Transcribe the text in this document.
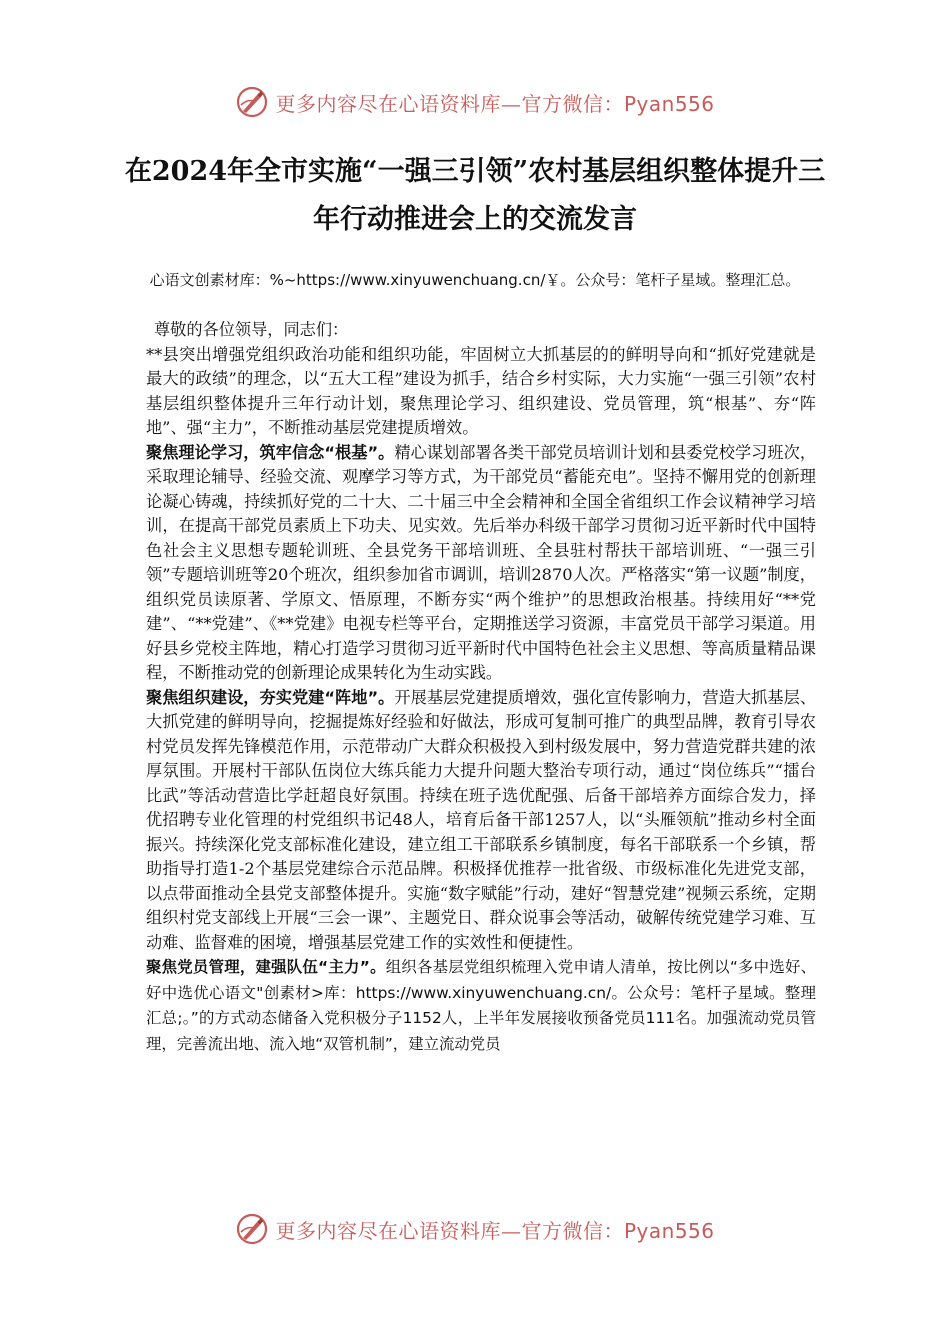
更多内容尽在心语资料库—官方微信：Pyan556
在2024年全市实施“一强三引领”农村基层组织整体提升三年行动推进会上的交流发言
心语文创素材库：%~https://www.xinyuwenchuang.cn/￥。公众号：笔杆子星域。整理汇总。

尊敬的各位领导，同志们：

**县突出增强党组织政治功能和组织功能，牢固树立大抓基层的的鲜明导向和“抓好党建就是最大的政绩”的理念，以“五大工程”建设为抓手，结合乡村实际，大力实施“一强三引领”农村基层组织整体提升三年行动计划，聚焦理论学习、组织建设、党员管理，筑“根基”、夯“阵地”、强“主力”，不断推动基层党建提质增效。

聚焦理论学习，筑牢信念“根基”。精心谋划部署各类干部党员培训计划和县委党校学习班次，采取理论辅导、经验交流、观摩学习等方式，为干部党员“蓄能充电”。坚持不懈用党的创新理论凝心铸魂，持续抓好党的二十大、二十届三中全会精神和全国全省组织工作会议精神学习培训，在提高干部党员素质上下功夫、见实效。先后举办科级干部学习贯彻习近平新时代中国特色社会主义思想专题轮训班、全县党务干部培训班、全县驻村帮扶干部培训班、“一强三引领”专题培训班等20个班次，组织参加省市调训，培训2870人次。严格落实“第一议题”制度，组织党员读原著、学原文、悟原理，不断夯实“两个维护”的思想政治根基。持续用好“**党建”、“**党建”、《**党建》电视专栏等平台，定期推送学习资源，丰富党员干部学习渠道。用好县乡党校主阵地，精心打造学习贯彻习近平新时代中国特色社会主义思想、等高质量精品课程，不断推动党的创新理论成果转化为生动实践。

聚焦组织建设，夯实党建“阵地”。开展基层党建提质增效，强化宣传影响力，营造大抓基层、大抓党建的鲜明导向，挖掘提炼好经验和好做法，形成可复制可推广的典型品牌，教育引导农村党员发挥先锋模范作用，示范带动广大群众积极投入到村级发展中，努力营造党群共建的浓厚氛围。开展村干部队伍岗位大练兵能力大提升问题大整治专项行动，通过“岗位练兵”“擂台比武”等活动营造比学赶超良好氛围。持续在班子选优配强、后备干部培养方面综合发力，择优招聘专业化管理的村党组织书记48人，培育后备干部1257人，以“头雁领航”推动乡村全面振兴。持续深化党支部标准化建设，建立组工干部联系乡镇制度，每名干部联系一个乡镇，帮助指导打造1-2个基层党建综合示范品牌。积极择优推荐一批省级、市级标准化先进党支部，以点带面推动全县党支部整体提升。实施“数字赋能”行动，建好“智慧党建”视频云系统，定期组织村党支部线上开展“三会一课”、主题党日、群众说事会等活动，破解传统党建学习难、互动难、监督难的困境，增强基层党建工作的实效性和便捷性。

聚焦党员管理，建强队伍“主力”。组织各基层党组织梳理入党申请人清单，按比例以“多中选好、好中选优心语文"创素材>库：https://www.xinyuwenchuang.cn/。公众号：笔杆子星域。整理汇总;。”的方式动态储备入党积极分子1152人，上半年发展接收预备党员111名。加强流动党员管理，完善流出地、流入地“双管机制”，建立流动党员

更多内容尽在心语资料库—官方微信：Pyan556
